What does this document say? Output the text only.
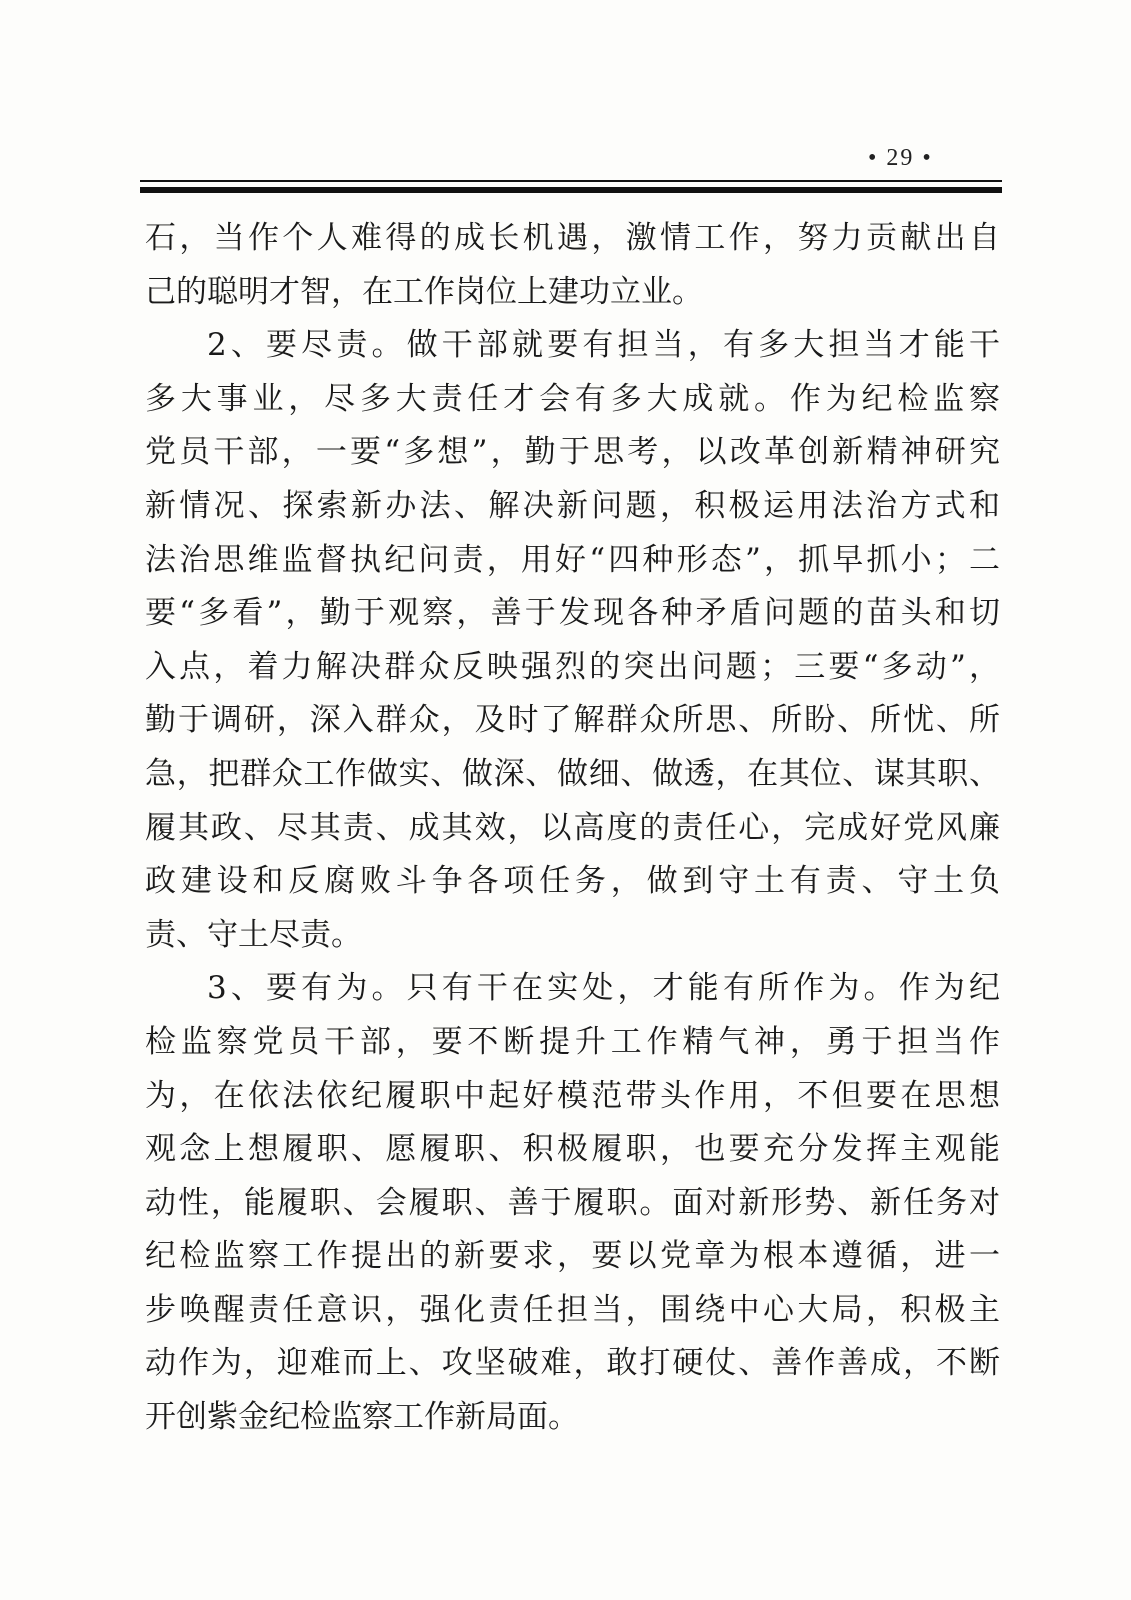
• 29 •
石，当作个人难得的成长机遇，激情工作，努力贡献出自
己的聪明才智，在工作岗位上建功立业。
2、要尽责。做干部就要有担当，有多大担当才能干
多大事业，尽多大责任才会有多大成就。作为纪检监察
党员干部，一要“多想”，勤于思考，以改革创新精神研究
新情况、探索新办法、解决新问题，积极运用法治方式和
法治思维监督执纪问责，用好“四种形态”，抓早抓小；二
要“多看”，勤于观察，善于发现各种矛盾问题的苗头和切
入点，着力解决群众反映强烈的突出问题；三要“多动”，
勤于调研，深入群众，及时了解群众所思、所盼、所忧、所
急，把群众工作做实、做深、做细、做透，在其位、谋其职、
履其政、尽其责、成其效，以高度的责任心，完成好党风廉
政建设和反腐败斗争各项任务，做到守土有责、守土负
责、守土尽责。
3、要有为。只有干在实处，才能有所作为。作为纪
检监察党员干部，要不断提升工作精气神，勇于担当作
为，在依法依纪履职中起好模范带头作用，不但要在思想
观念上想履职、愿履职、积极履职，也要充分发挥主观能
动性，能履职、会履职、善于履职。面对新形势、新任务对
纪检监察工作提出的新要求，要以党章为根本遵循，进一
步唤醒责任意识，强化责任担当，围绕中心大局，积极主
动作为，迎难而上、攻坚破难，敢打硬仗、善作善成，不断
开创紫金纪检监察工作新局面。
